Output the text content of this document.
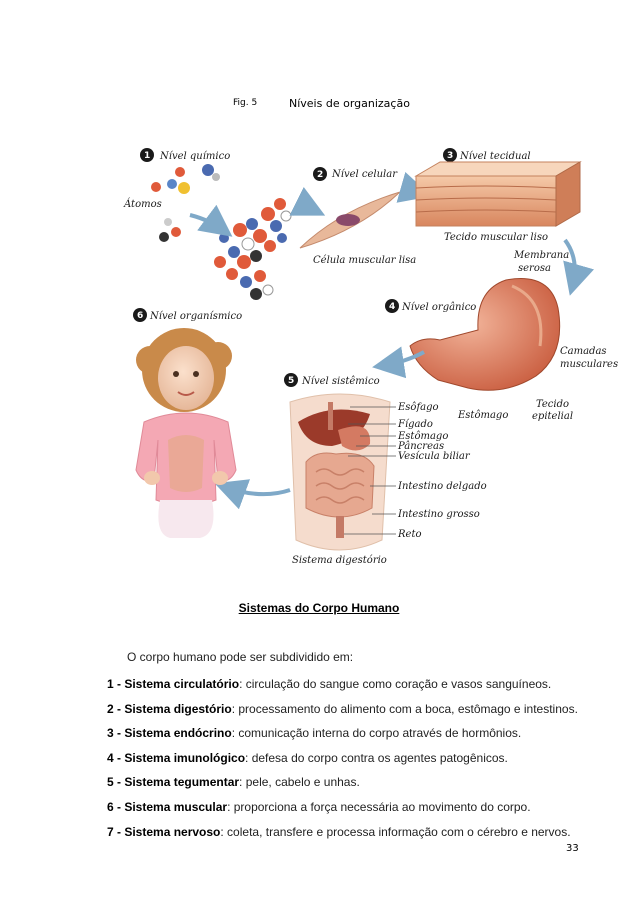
Fig. 5	Níveis de organização
1 Nível químico
Átomos
2 Nível celular
Célula muscular lisa
3 Nível tecidual
Tecido muscular liso
Membrana
serosa
4 Nível orgânico
Camadas
musculares
Tecido
epitelial
Estômago
5 Nível sistêmico
Esôfago
Fígado
Estômago
Pâncreas
Vesícula biliar
Intestino delgado
Intestino grosso
Reto
Sistema digestório
6 Nível organísmico
Sistemas do Corpo Humano
O corpo humano pode ser subdividido em:
1 - Sistema circulatório: circulação do sangue como coração e vasos sanguíneos.
2 - Sistema digestório: processamento do alimento com a boca, estômago e intestinos.
3 - Sistema endócrino: comunicação interna do corpo através de hormônios.
4 - Sistema imunológico: defesa do corpo contra os agentes patogênicos.
5 - Sistema tegumentar: pele, cabelo e unhas.
6 - Sistema muscular: proporciona a força necessária ao movimento do corpo.
7 - Sistema nervoso: coleta, transfere e processa informação com o cérebro e nervos.
33
